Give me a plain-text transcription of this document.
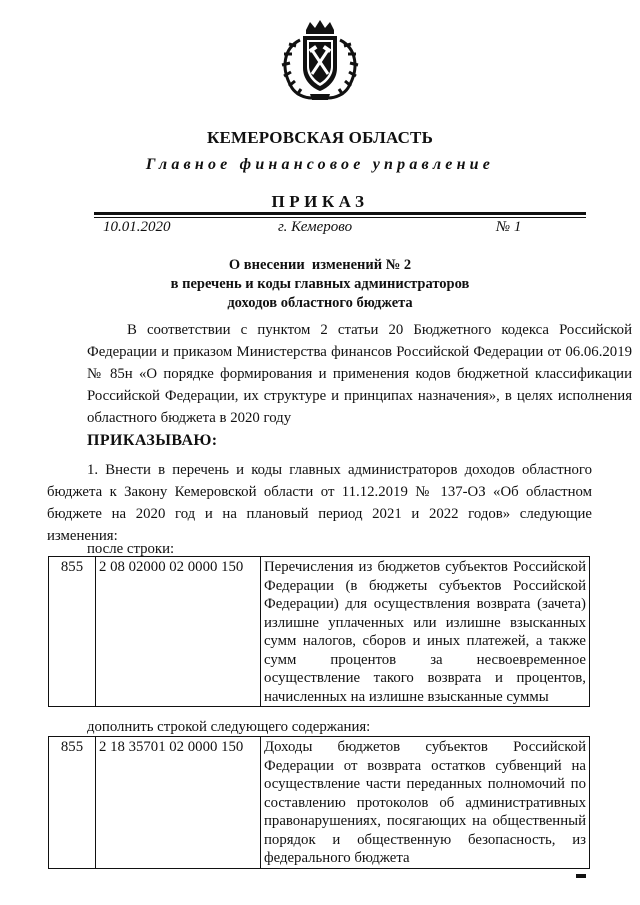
КЕМЕРОВСКАЯ ОБЛАСТЬ
Главное финансовое управление
ПРИКАЗ
10.01.2020	г. Кемерово	№ 1
О внесении  изменений № 2
в перечень и коды главных администраторов
доходов областного бюджета
В соответствии с пунктом 2 статьи 20 Бюджетного кодекса Российской Федерации и приказом Министерства финансов Российской Федерации от 06.06.2019 № 85н «О порядке формирования и применения кодов бюджетной классификации Российской Федерации, их структуре и принципах назначения», в целях исполнения областного бюджета в 2020 году
ПРИКАЗЫВАЮ:
1. Внести в перечень и коды главных администраторов доходов областного бюджета к Закону Кемеровской области от 11.12.2019 № 137-ОЗ «Об областном бюджете на 2020 год и на плановый период 2021 и 2022 годов» следующие изменения:
после строки:
855	2 08 02000 02 0000 150	Перечисления из бюджетов субъектов Российской Федерации (в бюджеты субъектов Российской Федерации) для осуществления возврата (зачета) излишне уплаченных или излишне взысканных сумм налогов, сборов и иных платежей, а также сумм процентов за несвоевременное осуществление такого возврата и процентов, начисленных на излишне взысканные суммы
дополнить строкой следующего содержания:
855	2 18 35701 02 0000 150	Доходы бюджетов субъектов Российской Федерации от возврата остатков субвенций на осуществление части переданных полномочий по составлению протоколов об административных правонарушениях, посягающих на общественный порядок и общественную безопасность, из федерального бюджета
